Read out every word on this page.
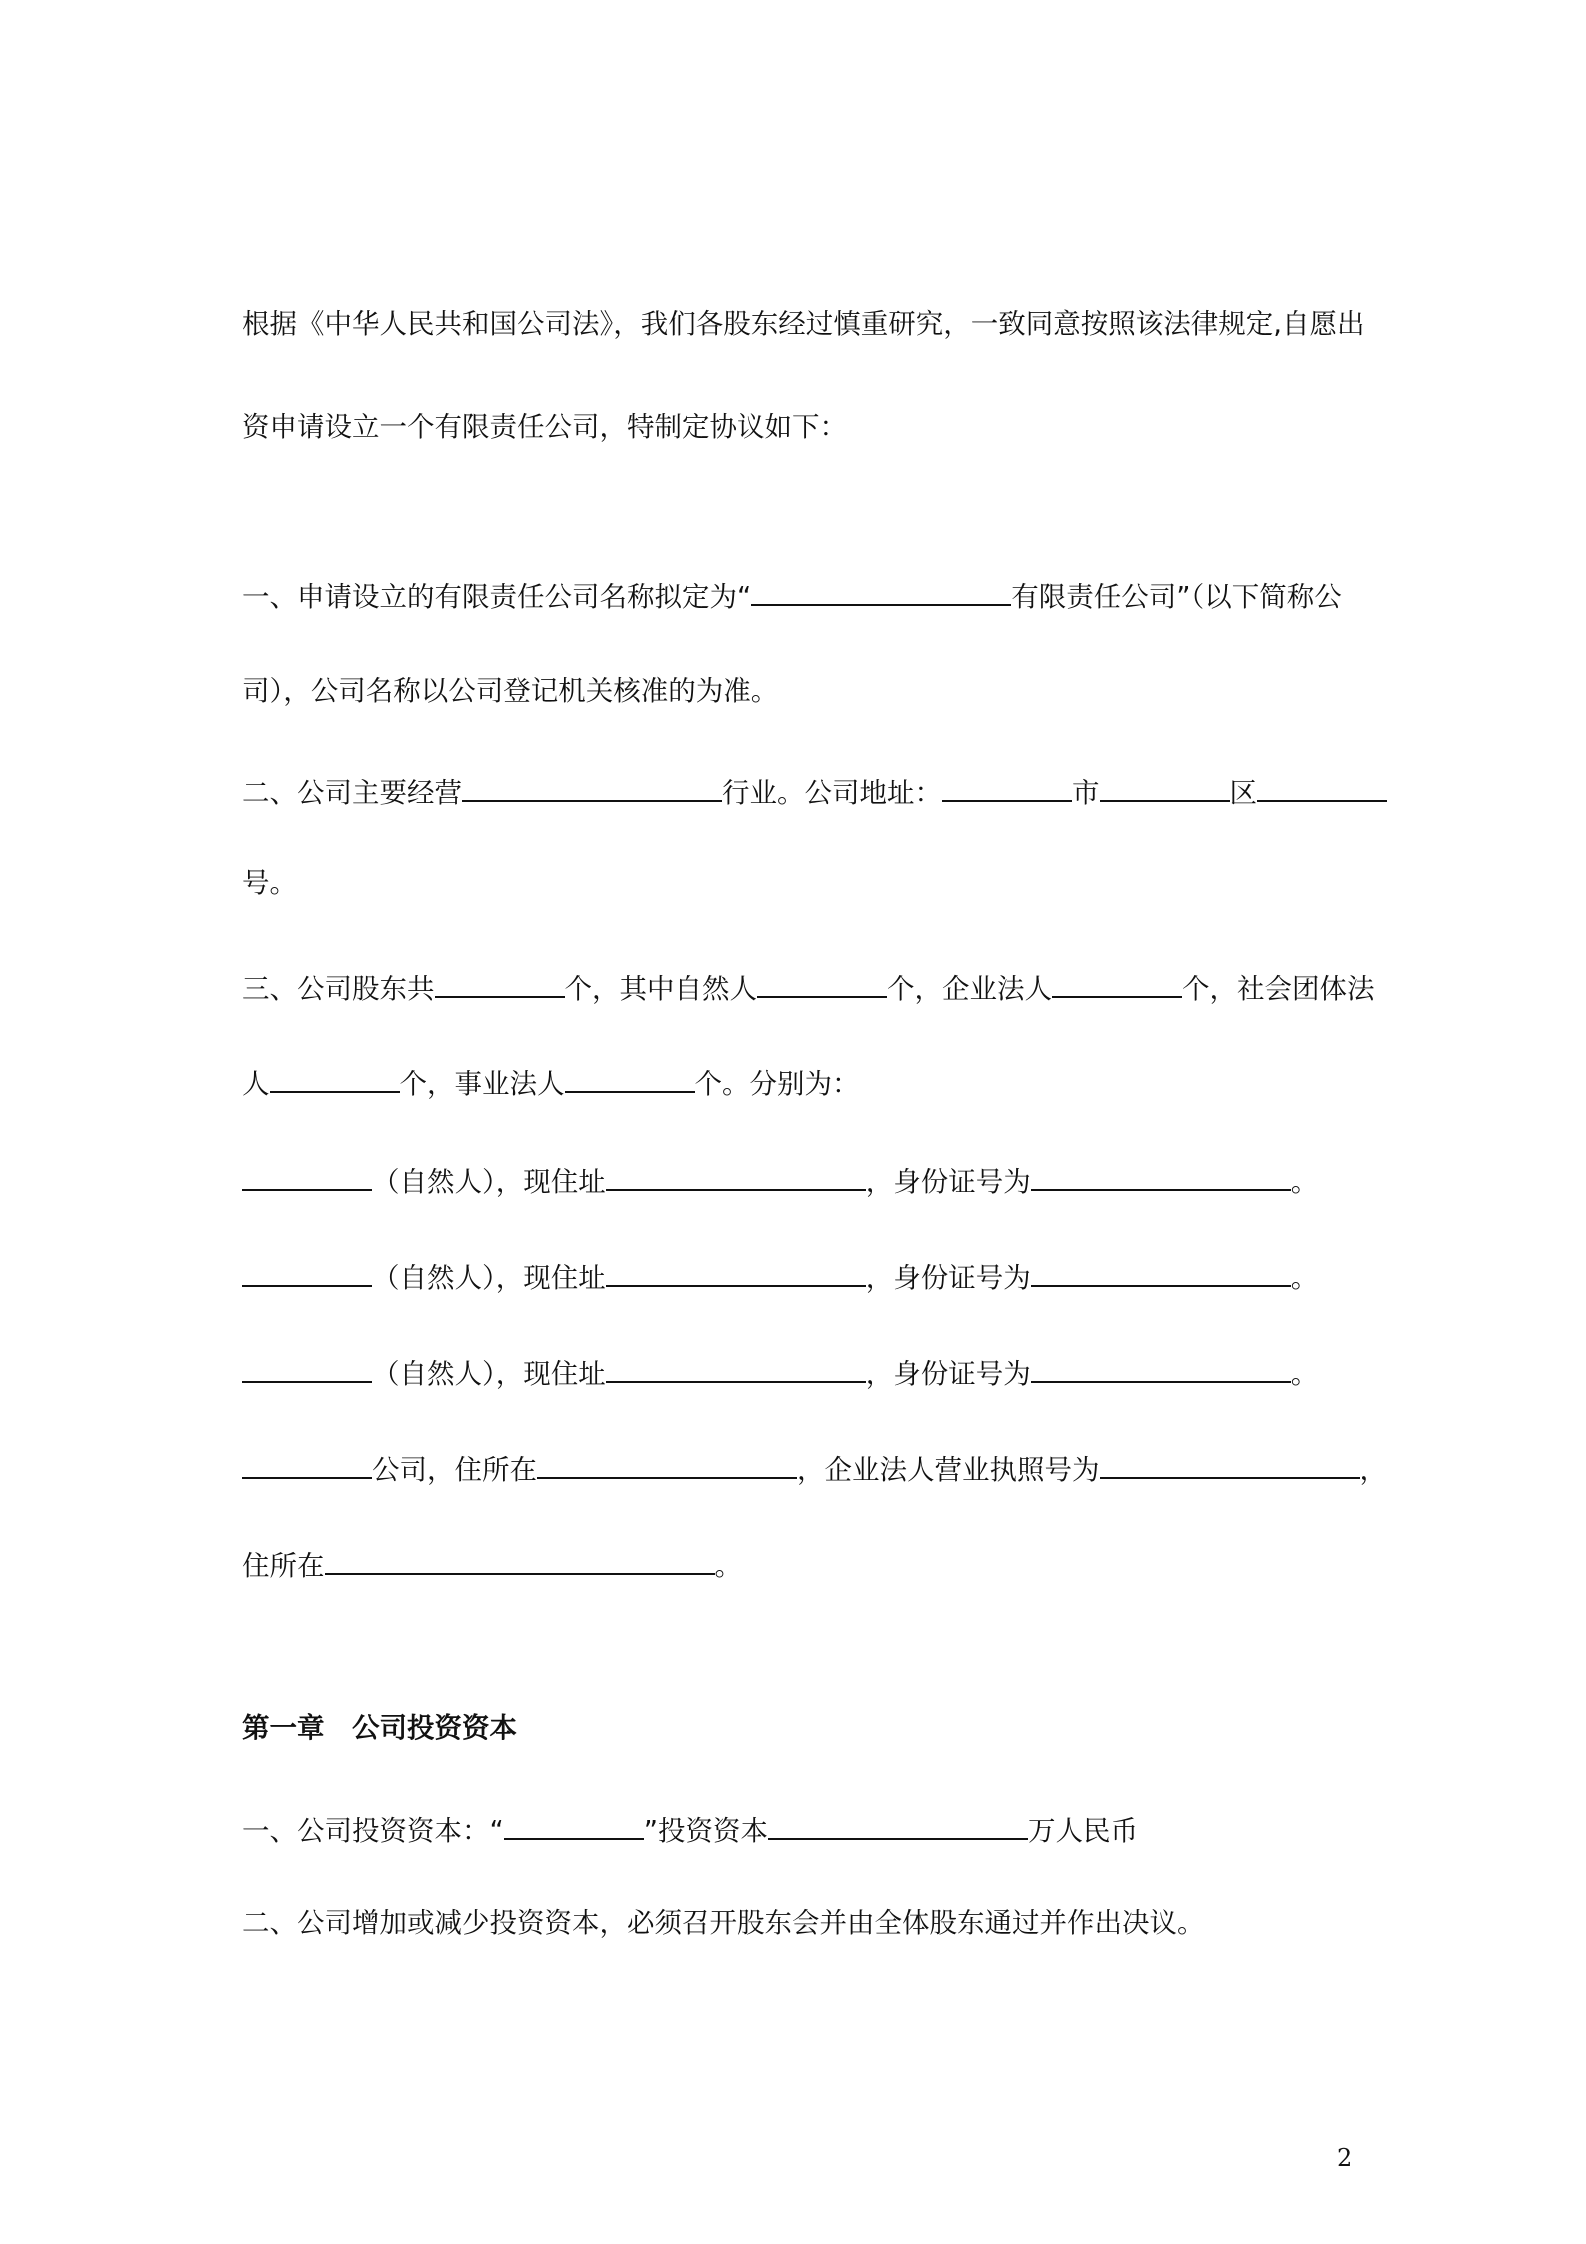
根据《中华人民共和国公司法》，我们各股东经过慎重研究，一致同意按照该法律规定,自愿出
资申请设立一个有限责任公司，特制定协议如下：
一、申请设立的有限责任公司名称拟定为“	有限责任公司”（以下简称公
司），公司名称以公司登记机关核准的为准。
二、公司主要经营	行业。公司地址：	市	区
号。
三、公司股东共	个，其中自然人	个，企业法人	个，社会团体法
人	个，事业法人	个。分别为：
（自然人），现住址	，身份证号为	。
（自然人），现住址	，身份证号为	。
（自然人），现住址	，身份证号为	。
公司，住所在	，企业法人营业执照号为	，
住所在	。
第一章　公司投资资本
一、公司投资资本：“	”投资资本	万人民币
二、公司增加或减少投资资本，必须召开股东会并由全体股东通过并作出决议。
2
